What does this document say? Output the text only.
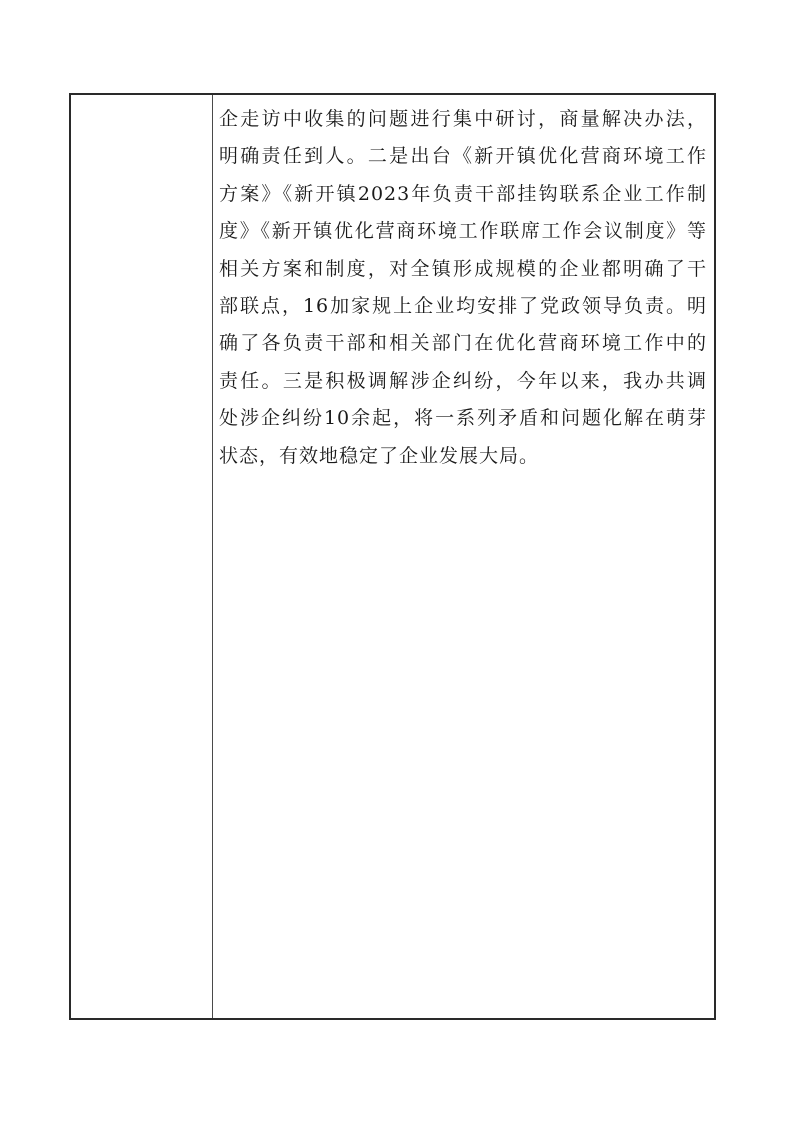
企走访中收集的问题进行集中研讨，商量解决办法，
明确责任到人。二是出台《新开镇优化营商环境工作
方案》《新开镇2023年负责干部挂钩联系企业工作制
度》《新开镇优化营商环境工作联席工作会议制度》等
相关方案和制度，对全镇形成规模的企业都明确了干
部联点，16加家规上企业均安排了党政领导负责。明
确了各负责干部和相关部门在优化营商环境工作中的
责任。三是积极调解涉企纠纷，今年以来，我办共调
处涉企纠纷10余起，将一系列矛盾和问题化解在萌芽
状态，有效地稳定了企业发展大局。
